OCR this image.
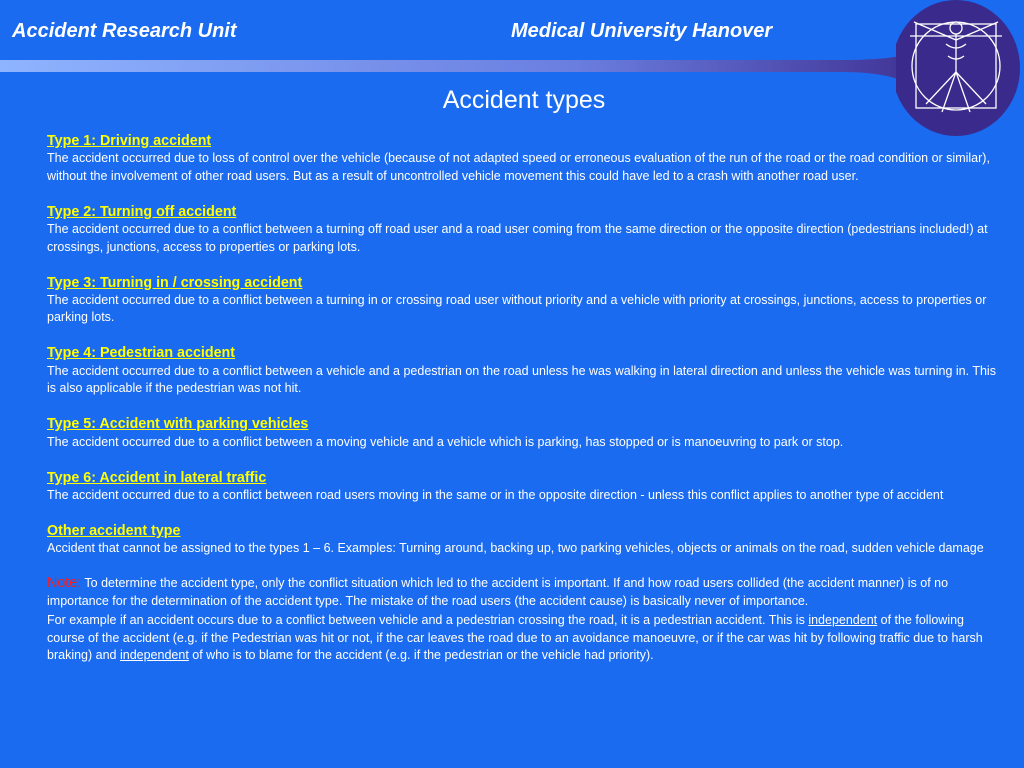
Accident Research Unit	Medical University Hanover
Accident types
Type 1: Driving accident
The accident occurred due to loss of control over the vehicle (because of not adapted speed or erroneous evaluation of the run of the road or the road condition or similar), without the involvement of other road users. But as a result of uncontrolled vehicle movement this could have led to a crash with another road user.
Type 2: Turning off accident
The accident occurred due to a conflict between a turning off road user and a road user coming from the same direction or the opposite direction (pedestrians included!) at crossings, junctions, access to properties or parking lots.
Type 3: Turning in / crossing accident
The accident occurred due to a conflict between a turning in or crossing road user without priority and a vehicle with priority at crossings, junctions, access to properties or parking lots.
Type 4: Pedestrian accident
The accident occurred due to a conflict between a vehicle and a pedestrian on the road unless he was walking in lateral direction and unless the vehicle was turning in. This is also applicable if the pedestrian was not hit.
Type 5: Accident with parking vehicles
The accident occurred due to a conflict between a moving vehicle and a vehicle which is parking, has stopped or is manoeuvring to park or stop.
Type 6: Accident in lateral traffic
The accident occurred due to a conflict between road users moving in the same or in the opposite direction - unless this conflict applies to another type of accident
Other accident type
Accident that cannot be assigned to the types 1 – 6. Examples: Turning around, backing up, two parking vehicles, objects or animals on the road, sudden vehicle damage
Note: To determine the accident type, only the conflict situation which led to the accident is important. If and how road users collided (the accident manner) is of no importance for the determination of the accident type. The mistake of the road users (the accident cause) is basically never of importance.
For example if an accident occurs due to a conflict between vehicle and a pedestrian crossing the road, it is a pedestrian accident. This is independent of the following course of the accident (e.g. if the Pedestrian was hit or not, if the car leaves the road due to an avoidance manoeuvre, or if the car was hit by following traffic due to harsh braking) and independent of who is to blame for the accident (e.g. if the pedestrian or the vehicle had priority).
